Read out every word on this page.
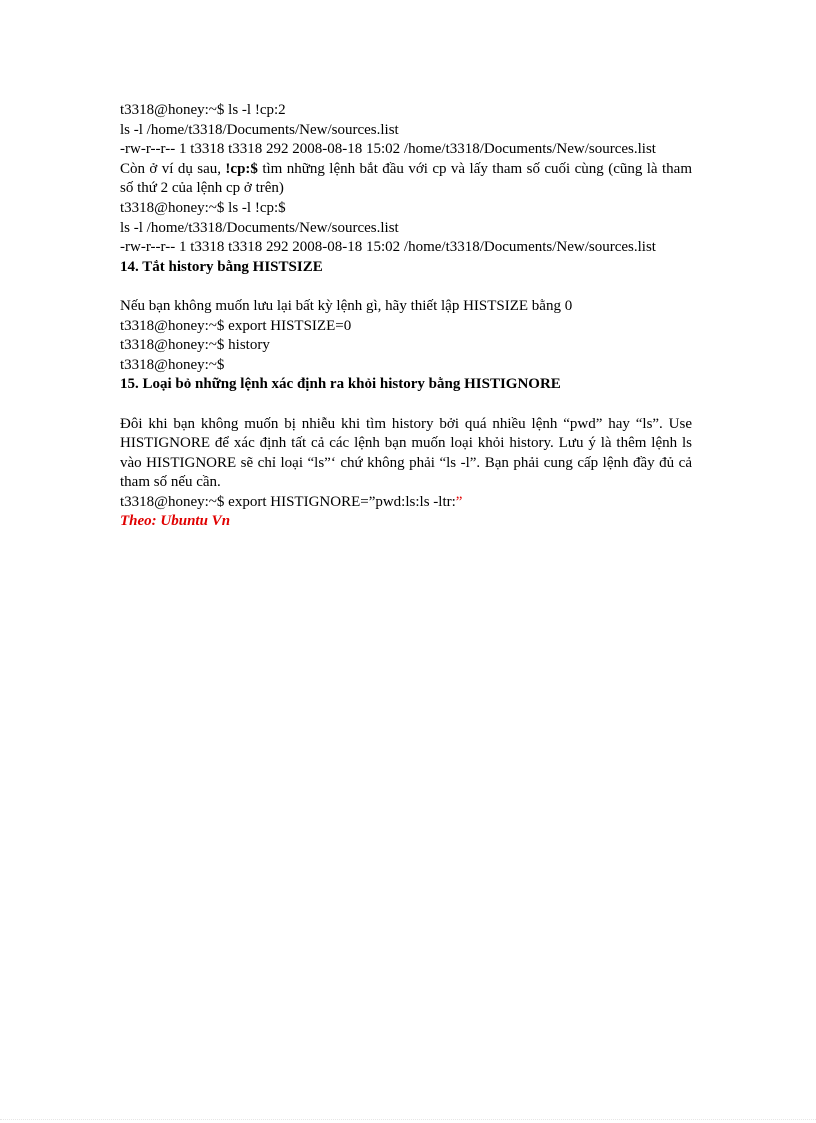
t3318@honey:~$ ls -l !cp:2

ls -l /home/t3318/Documents/New/sources.list

-rw-r--r-- 1 t3318 t3318 292 2008-08-18 15:02 /home/t3318/Documents/New/sources.list

Còn ở ví dụ sau, !cp:$ tìm những lệnh bắt đầu với cp và lấy tham số cuối cùng (cũng là tham số thứ 2 của lệnh cp ở trên)

t3318@honey:~$ ls -l !cp:$

ls -l /home/t3318/Documents/New/sources.list

-rw-r--r-- 1 t3318 t3318 292 2008-08-18 15:02 /home/t3318/Documents/New/sources.list

14. Tắt history bằng HISTSIZE

Nếu bạn không muốn lưu lại bất kỳ lệnh gì, hãy thiết lập HISTSIZE bằng 0

t3318@honey:~$ export HISTSIZE=0

t3318@honey:~$ history

t3318@honey:~$

15. Loại bỏ những lệnh xác định ra khỏi history bằng HISTIGNORE

Đôi khi bạn không muốn bị nhiễu khi tìm history bởi quá nhiều lệnh “pwd” hay “ls”. Use HISTIGNORE để xác định tất cả các lệnh bạn muốn loại khỏi history. Lưu ý là thêm lệnh ls vào HISTIGNORE sẽ chỉ loại “ls”‘ chứ không phải “ls -l”. Bạn phải cung cấp lệnh đầy đủ cả tham số nếu cần.

t3318@honey:~$ export HISTIGNORE=”pwd:ls:ls -ltr:”

Theo: Ubuntu Vn
